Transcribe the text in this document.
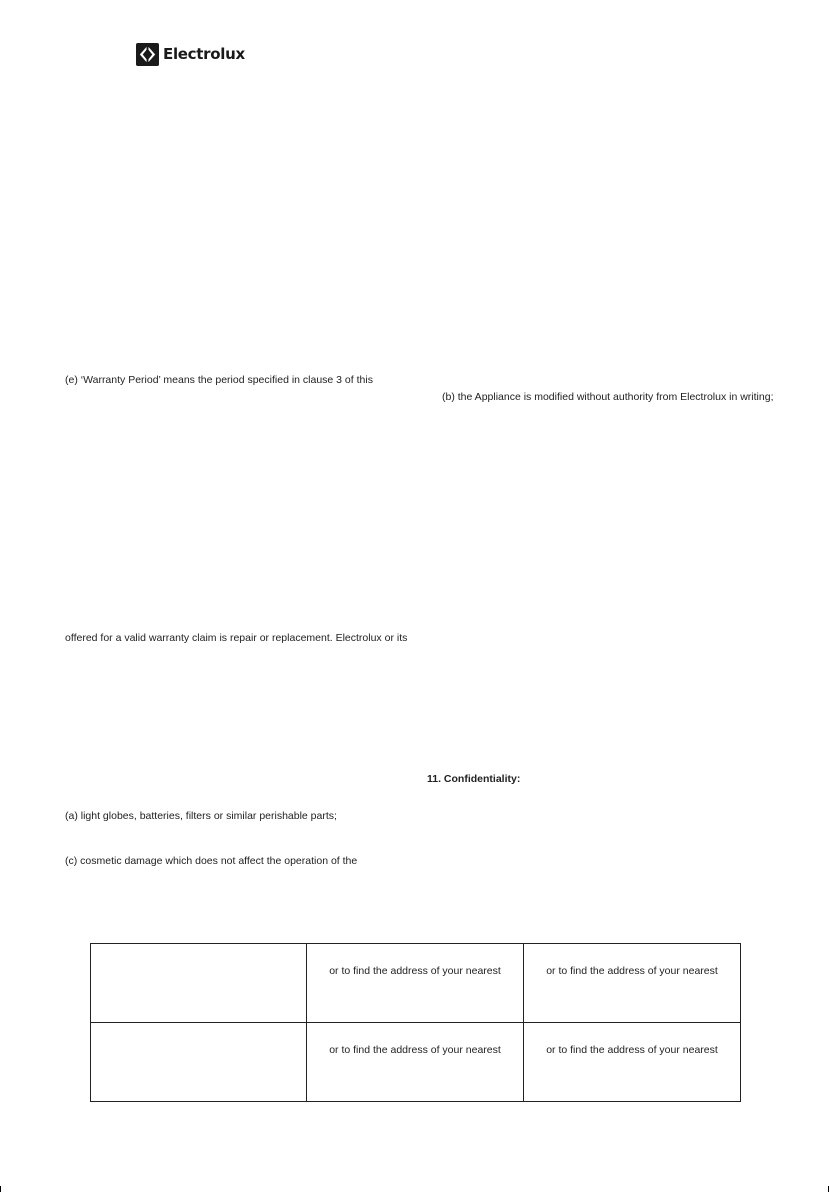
Electrolux
(e) ‘Warranty Period’ means the period specified in clause 3 of this
(b) the Appliance is modified without authority from Electrolux in writing;
offered for a valid warranty claim is repair or replacement. Electrolux or its
11. Confidentiality:
(a) light globes, batteries, filters or similar perishable parts;
(c) cosmetic damage which does not affect the operation of the
	or to find the address of your nearest	or to find the address of your nearest
	or to find the address of your nearest	or to find the address of your nearest
